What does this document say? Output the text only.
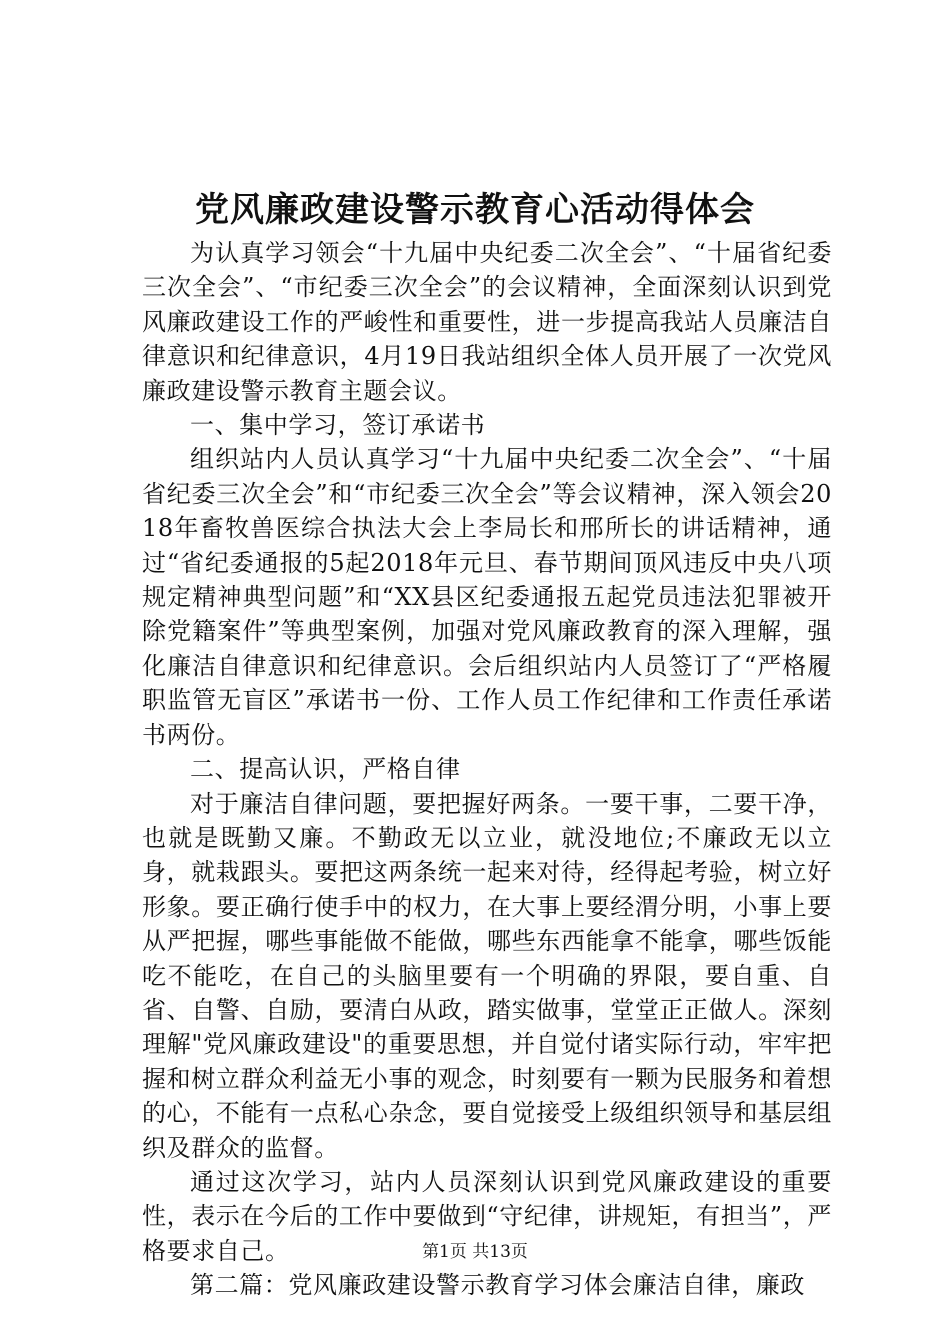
党风廉政建设警示教育心活动得体会

为认真学习领会“十九届中央纪委二次全会”、“十届省纪委三次全会”、“市纪委三次全会”的会议精神，全面深刻认识到党风廉政建设工作的严峻性和重要性，进一步提高我站人员廉洁自律意识和纪律意识，4月19日我站组织全体人员开展了一次党风廉政建设警示教育主题会议。

一、集中学习，签订承诺书

组织站内人员认真学习“十九届中央纪委二次全会”、“十届省纪委三次全会”和“市纪委三次全会”等会议精神，深入领会2018年畜牧兽医综合执法大会上李局长和邢所长的讲话精神，通过“省纪委通报的5起2018年元旦、春节期间顶风违反中央八项规定精神典型问题”和“XX县区纪委通报五起党员违法犯罪被开除党籍案件”等典型案例，加强对党风廉政教育的深入理解，强化廉洁自律意识和纪律意识。会后组织站内人员签订了“严格履职监管无盲区”承诺书一份、工作人员工作纪律和工作责任承诺书两份。

二、提高认识，严格自律

对于廉洁自律问题，要把握好两条。一要干事，二要干净，也就是既勤又廉。不勤政无以立业，就没地位;不廉政无以立身，就栽跟头。要把这两条统一起来对待，经得起考验，树立好形象。要正确行使手中的权力，在大事上要经渭分明，小事上要从严把握，哪些事能做不能做，哪些东西能拿不能拿，哪些饭能吃不能吃，在自己的头脑里要有一个明确的界限，要自重、自省、自警、自励，要清白从政，踏实做事，堂堂正正做人。深刻理解"党风廉政建设"的重要思想，并自觉付诸实际行动，牢牢把握和树立群众利益无小事的观念，时刻要有一颗为民服务和着想的心，不能有一点私心杂念，要自觉接受上级组织领导和基层组织及群众的监督。

通过这次学习，站内人员深刻认识到党风廉政建设的重要性，表示在今后的工作中要做到“守纪律，讲规矩，有担当”，严格要求自己。

第二篇：党风廉政建设警示教育学习体会廉洁自律，廉政

第1页 共13页
